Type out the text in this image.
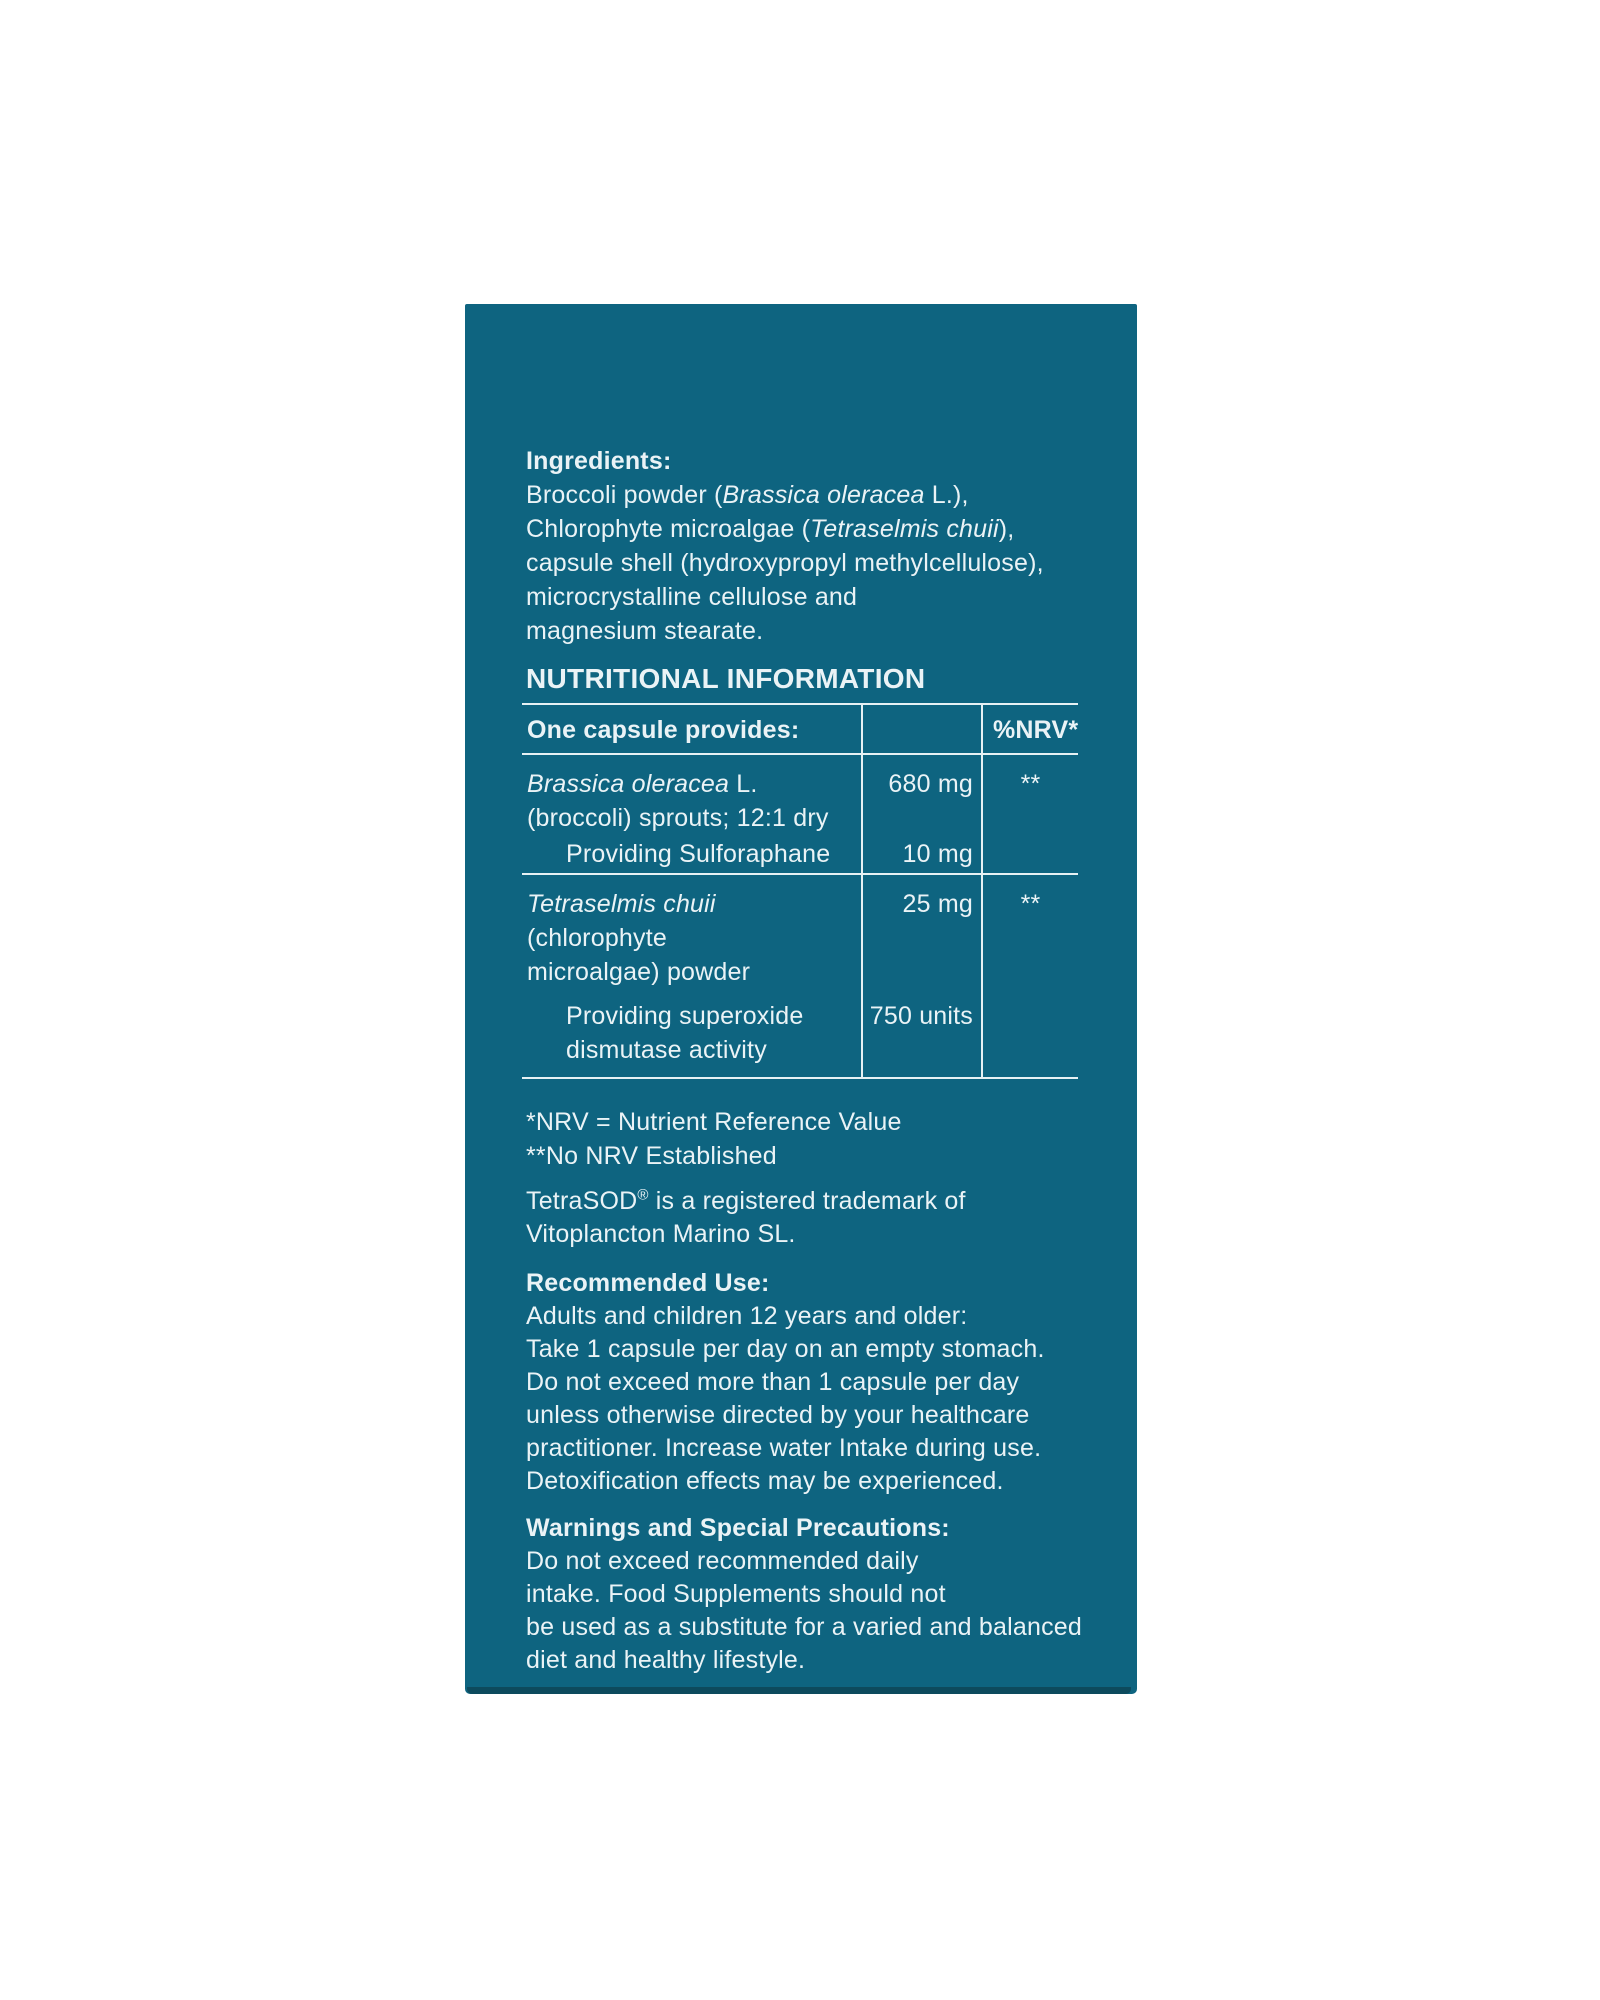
Ingredients:
Broccoli powder (Brassica oleracea L.),
Chlorophyte microalgae (Tetraselmis chuii),
capsule shell (hydroxypropyl methylcellulose),
microcrystalline cellulose and
magnesium stearate.
NUTRITIONAL INFORMATION
One capsule provides:		%NRV*
Brassica oleracea L.
(broccoli) sprouts; 12:1 dry	680 mg	**
Providing Sulforaphane	10 mg	
Tetraselmis chuii (chlorophyte
microalgae) powder	25 mg	**
Providing superoxide
dismutase activity	750 units	
*NRV = Nutrient Reference Value
**No NRV Established
TetraSOD® is a registered trademark of
Vitoplancton Marino SL.
Recommended Use:
Adults and children 12 years and older:
Take 1 capsule per day on an empty stomach.
Do not exceed more than 1 capsule per day
unless otherwise directed by your healthcare
practitioner. Increase water Intake during use.
Detoxification effects may be experienced.
Warnings and Special Precautions:
Do not exceed recommended daily
intake. Food Supplements should not
be used as a substitute for a varied and balanced
diet and healthy lifestyle.
